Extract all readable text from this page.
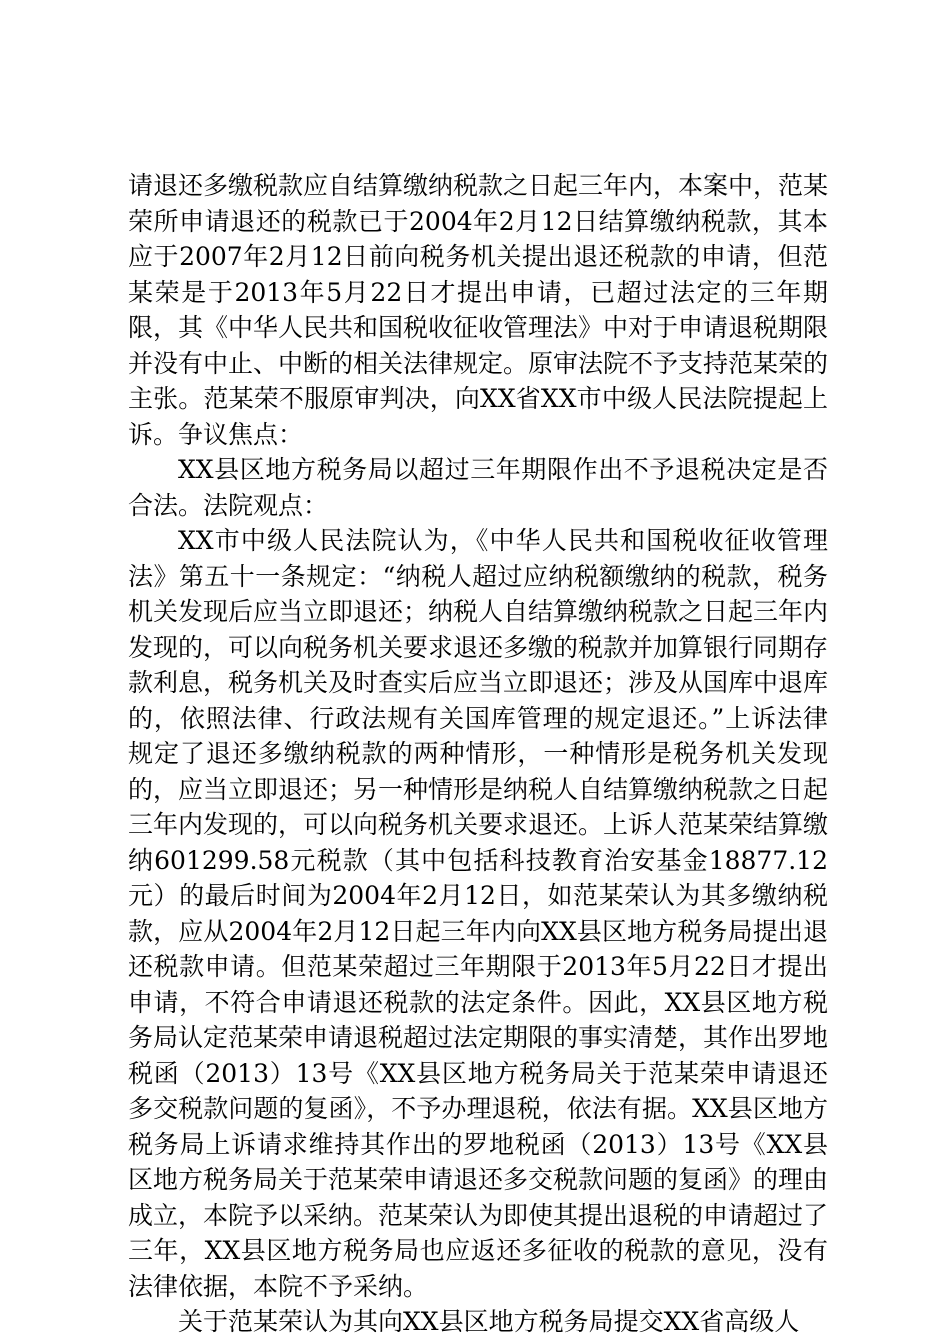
请退还多缴税款应自结算缴纳税款之日起三年内，本案中，范某荣所申请退还的税款已于2004年2月12日结算缴纳税款，其本应于2007年2月12日前向税务机关提出退还税款的申请，但范某荣是于2013年5月22日才提出申请，已超过法定的三年期限，其《中华人民共和国税收征收管理法》中对于申请退税期限并没有中止、中断的相关法律规定。原审法院不予支持范某荣的主张。范某荣不服原审判决，向XX省XX市中级人民法院提起上诉。争议焦点：

XX县区地方税务局以超过三年期限作出不予退税决定是否合法。法院观点：

XX市中级人民法院认为，《中华人民共和国税收征收管理法》第五十一条规定：“纳税人超过应纳税额缴纳的税款，税务机关发现后应当立即退还；纳税人自结算缴纳税款之日起三年内发现的，可以向税务机关要求退还多缴的税款并加算银行同期存款利息，税务机关及时查实后应当立即退还；涉及从国库中退库的，依照法律、行政法规有关国库管理的规定退还。”上诉法律规定了退还多缴纳税款的两种情形，一种情形是税务机关发现的，应当立即退还；另一种情形是纳税人自结算缴纳税款之日起三年内发现的，可以向税务机关要求退还。上诉人范某荣结算缴纳601299.58元税款（其中包括科技教育治安基金18877.12元）的最后时间为2004年2月12日，如范某荣认为其多缴纳税款，应从2004年2月12日起三年内向XX县区地方税务局提出退还税款申请。但范某荣超过三年期限于2013年5月22日才提出申请，不符合申请退还税款的法定条件。因此，XX县区地方税务局认定范某荣申请退税超过法定期限的事实清楚，其作出罗地税函（2013）13号《XX县区地方税务局关于范某荣申请退还多交税款问题的复函》，不予办理退税，依法有据。XX县区地方税务局上诉请求维持其作出的罗地税函（2013）13号《XX县区地方税务局关于范某荣申请退还多交税款问题的复函》的理由成立，本院予以采纳。范某荣认为即使其提出退税的申请超过了三年，XX县区地方税务局也应返还多征收的税款的意见，没有法律依据，本院不予采纳。

关于范某荣认为其向XX县区地方税务局提交XX省高级人
